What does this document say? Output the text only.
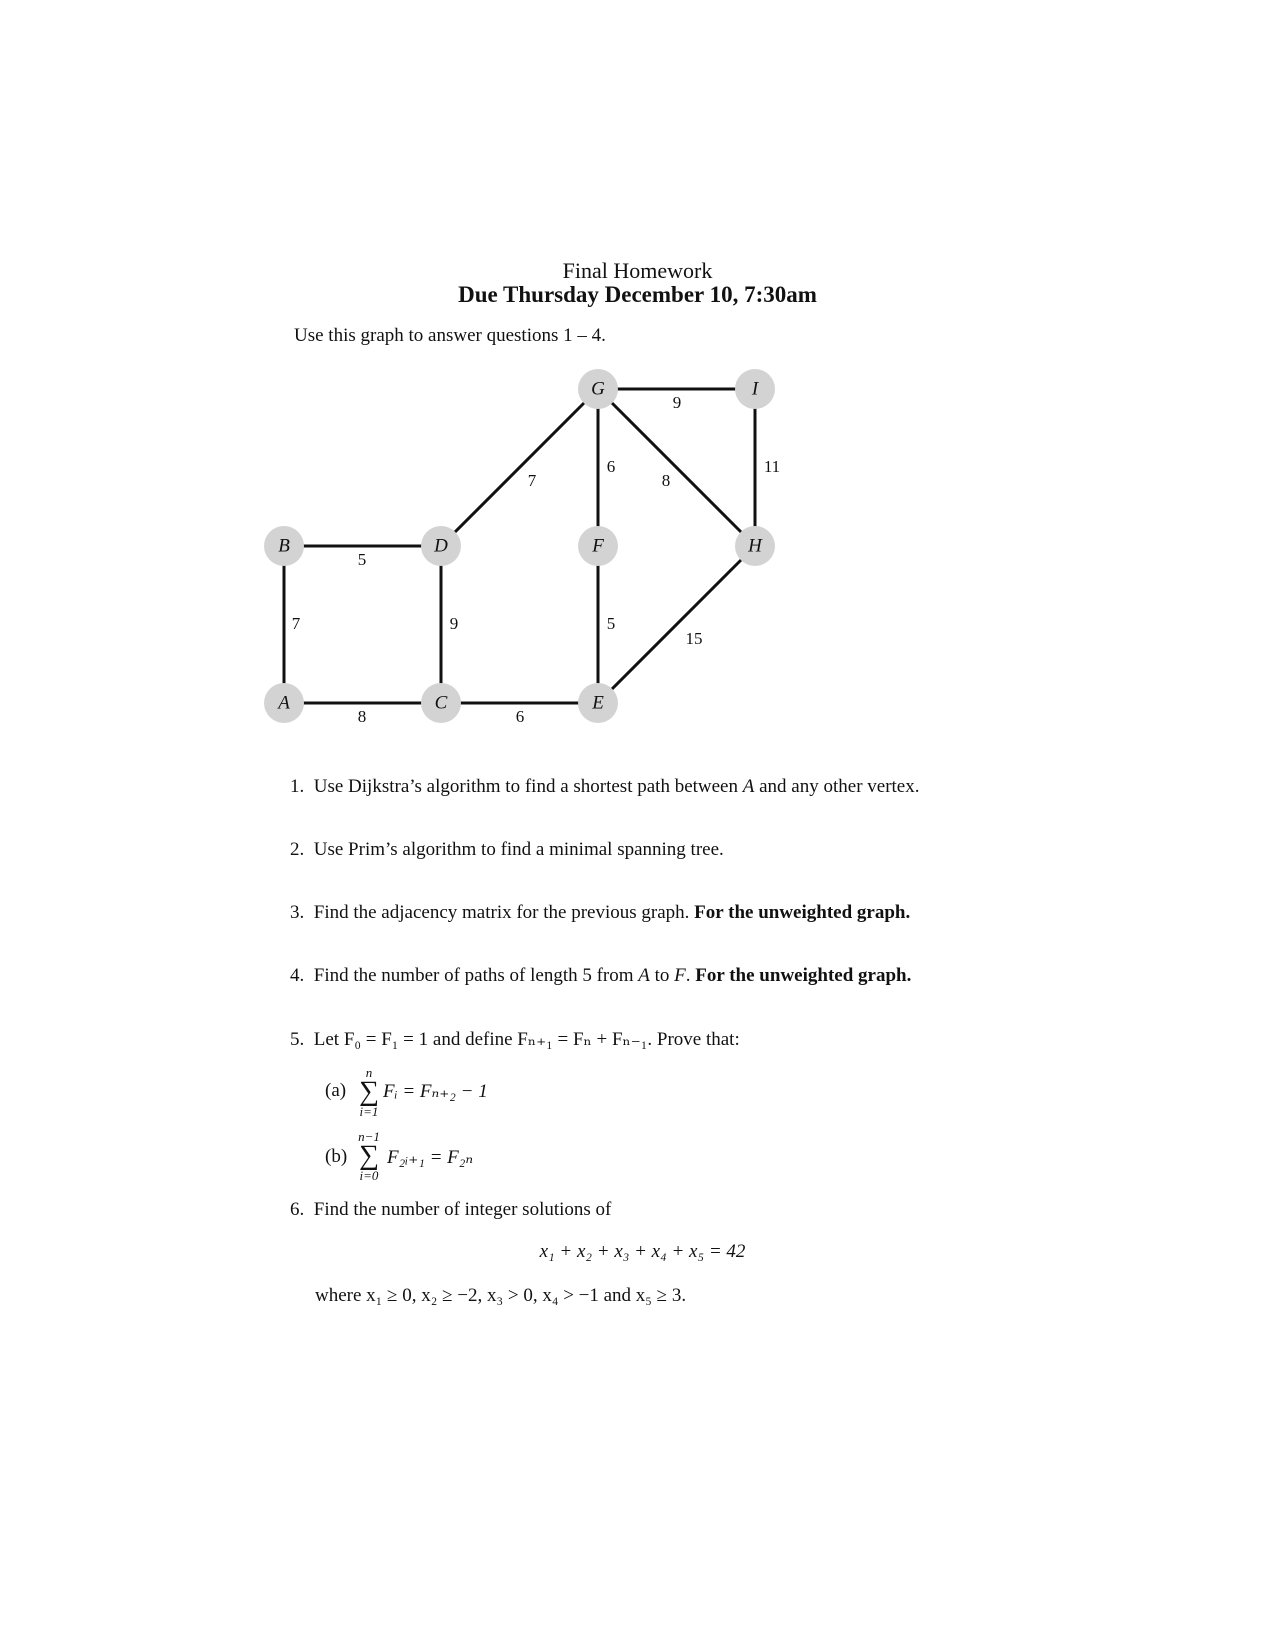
Final Homework
Due Thursday December 10, 7:30am
Use this graph to answer questions 1 – 4.
9
11
7
6
8
5
7	9	5
15
8	6
G	I
B	D	F	H
A	C	E
1. Use Dijkstra’s algorithm to find a shortest path between A and any other vertex.
2. Use Prim’s algorithm to find a minimal spanning tree.
3. Find the adjacency matrix for the previous graph. For the unweighted graph.
4. Find the number of paths of length 5 from A to F. For the unweighted graph.
5. Let F₀ = F₁ = 1 and define Fₙ₊₁ = Fₙ + Fₙ₋₁. Prove that:
(a)
n
∑
i=1
Fᵢ = Fₙ₊₂ − 1
(b)
n−1
∑
i=0
F₂ᵢ₊₁ = F₂ₙ
6. Find the number of integer solutions of
x₁ + x₂ + x₃ + x₄ + x₅ = 42
where x₁ ≥ 0, x₂ ≥ −2, x₃ > 0, x₄ > −1 and x₅ ≥ 3.
